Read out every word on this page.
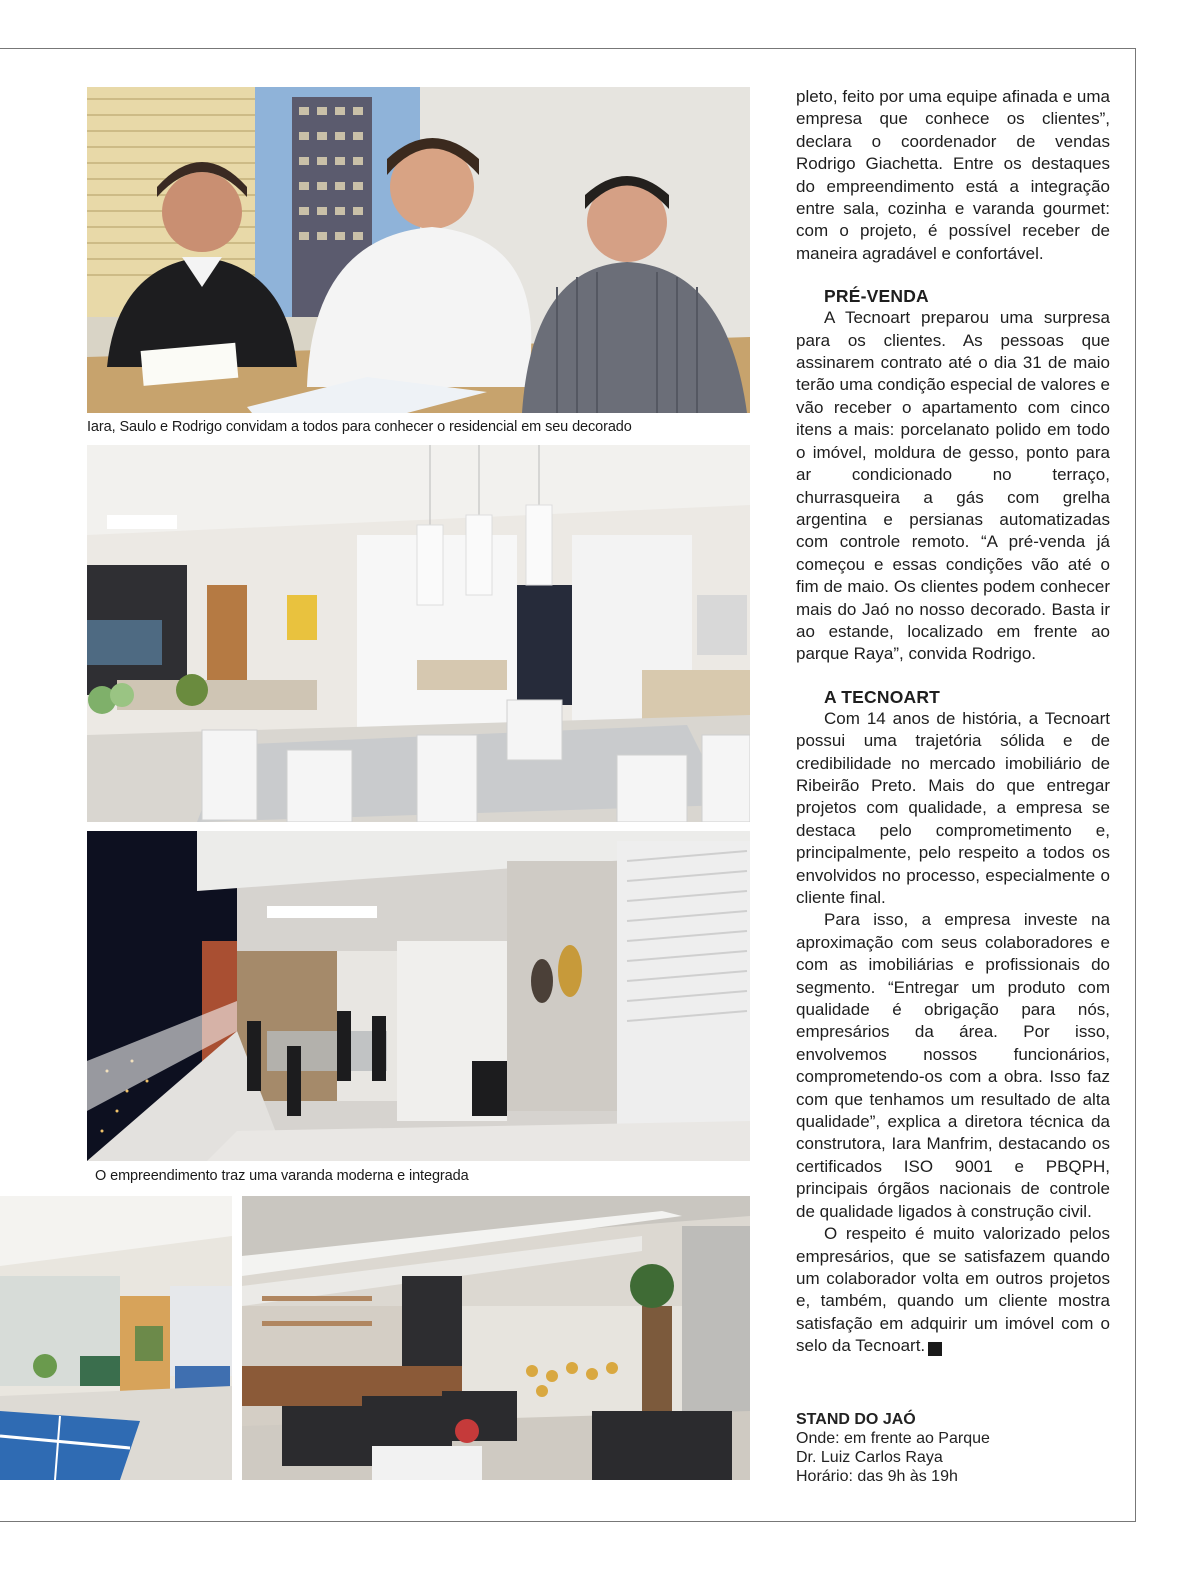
Iara, Saulo e Rodrigo convidam a todos para conhecer o residencial em seu decorado
O empreendimento traz uma varanda moderna e integrada

pleto, feito por uma equipe afinada e uma empresa que conhece os clientes”, declara o coordenador de vendas Rodrigo Giachetta. Entre os destaques do empreendimento está a integração entre sala, cozinha e varanda gourmet: com o projeto, é possível receber de maneira agradável e confortável.

PRÉ-VENDA

A Tecnoart preparou uma surpresa para os clientes. As pessoas que assinarem contrato até o dia 31 de maio terão uma condição especial de valores e vão receber o apartamento com cinco itens a mais: porcelanato polido em todo o imóvel, moldura de gesso, ponto para ar condicionado no terraço, churrasqueira a gás com grelha argentina e persianas automatizadas com controle remoto. “A pré-venda já começou e essas condições vão até o fim de maio. Os clientes podem conhecer mais do Jaó no nosso decorado. Basta ir ao estande, localizado em frente ao parque Raya”, convida Rodrigo.

A TECNOART

Com 14 anos de história, a Tecnoart possui uma trajetória sólida e de credibilidade no mercado imobiliário de Ribeirão Preto. Mais do que entregar projetos com qualidade, a empresa se destaca pelo comprometimento e, principalmente, pelo respeito a todos os envolvidos no processo, especialmente o cliente final.

Para isso, a empresa investe na aproximação com seus colaboradores e com as imobiliárias e profissionais do segmento. “Entregar um produto com qualidade é obrigação para nós, empresários da área. Por isso, envolvemos nossos funcionários, comprometendo-os com a obra. Isso faz com que tenhamos um resultado de alta qualidade”, explica a diretora técnica da construtora, Iara Manfrim, destacando os certificados ISO 9001 e PBQPH, principais órgãos nacionais de controle de qualidade ligados à construção civil.

O respeito é muito valorizado pelos empresários, que se satisfazem quando um colaborador volta em outros projetos e, também, quando um cliente mostra satisfação em adquirir um imóvel com o selo da Tecnoart.	r

STAND DO JAÓ
Onde: em frente ao Parque
Dr. Luiz Carlos Raya
Horário: das 9h às 19h
